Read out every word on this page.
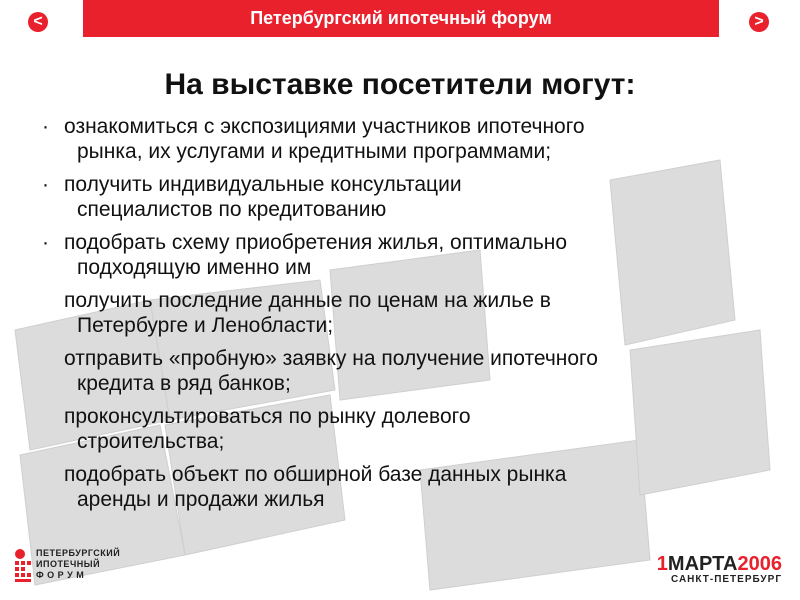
<	Петербургский ипотечный форум	>
На выставке посетители могут:
· ознакомиться с экспозициями участников ипотечного
рынка, их услугами и кредитными программами;
· получить индивидуальные консультации
специалистов по кредитованию
· подобрать схему приобретения жилья, оптимально
подходящую именно им
получить последние данные по ценам на жилье в
Петербурге и Ленобласти;
отправить «пробную» заявку на получение ипотечного
кредита в ряд банков;
проконсультироваться по рынку долевого
строительства;
подобрать объект по обширной базе данных рынка
аренды и продажи жилья
ПЕТЕРБУРГСКИЙ
ИПОТЕЧНЫЙ
Ф О Р У М	1МАРТА2006
САНКТ-ПЕТЕРБУРГ
